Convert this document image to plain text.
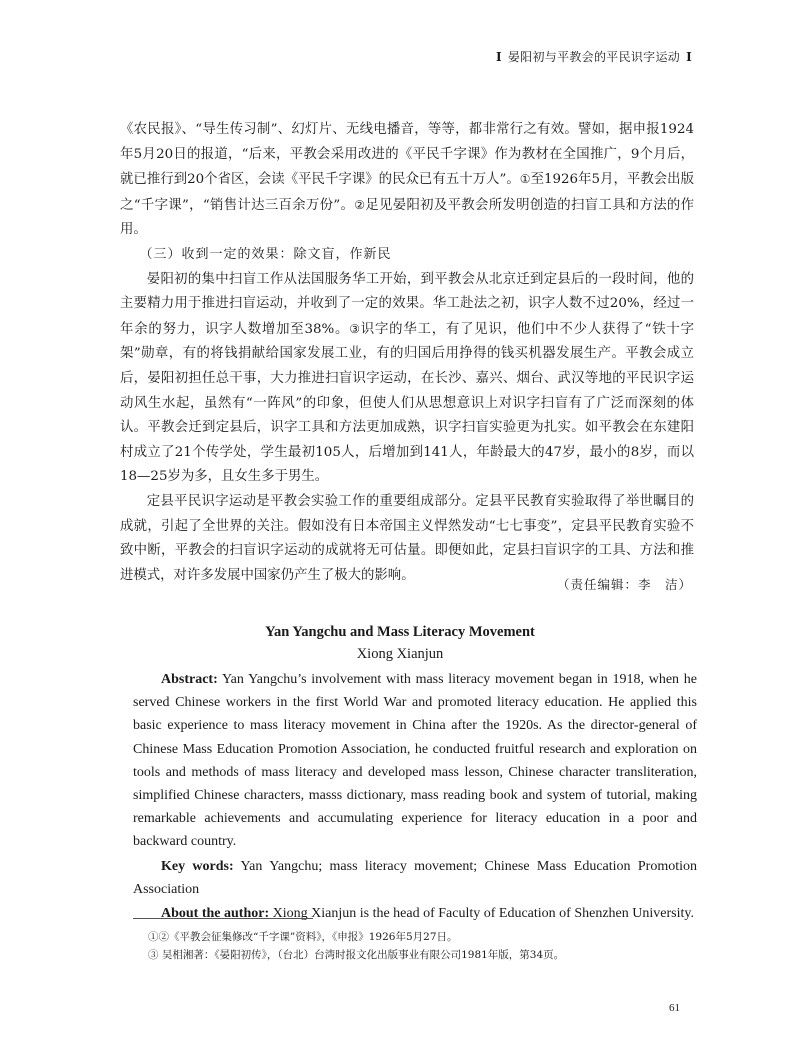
Ⅰ 晏阳初与平教会的平民识字运动 Ⅰ

《农民报》、“导生传习制”、幻灯片、无线电播音，等等，都非常行之有效。譬如，据申报1924年5月20日的报道，“后来，平教会采用改进的《平民千字课》作为教材在全国推广，9个月后，就已推行到20个省区，会读《平民千字课》的民众已有五十万人”。①至1926年5月，平教会出版之“千字课”，“销售计达三百余万份”。②足见晏阳初及平教会所发明创造的扫盲工具和方法的作用。

（三）收到一定的效果：除文盲，作新民

晏阳初的集中扫盲工作从法国服务华工开始，到平教会从北京迁到定县后的一段时间，他的主要精力用于推进扫盲运动，并收到了一定的效果。华工赴法之初，识字人数不过20%，经过一年余的努力，识字人数增加至38%。③识字的华工，有了见识，他们中不少人获得了“铁十字架”勋章，有的将钱捐献给国家发展工业，有的归国后用挣得的钱买机器发展生产。平教会成立后，晏阳初担任总干事，大力推进扫盲识字运动，在长沙、嘉兴、烟台、武汉等地的平民识字运动风生水起，虽然有“一阵风”的印象，但使人们从思想意识上对识字扫盲有了广泛而深刻的体认。平教会迁到定县后，识字工具和方法更加成熟，识字扫盲实验更为扎实。如平教会在东建阳村成立了21个传学处，学生最初105人，后增加到141人，年龄最大的47岁，最小的8岁，而以18—25岁为多，且女生多于男生。

定县平民识字运动是平教会实验工作的重要组成部分。定县平民教育实验取得了举世瞩目的成就，引起了全世界的关注。假如没有日本帝国主义悍然发动“七七事变”，定县平民教育实验不致中断，平教会的扫盲识字运动的成就将无可估量。即便如此，定县扫盲识字的工具、方法和推进模式，对许多发展中国家仍产生了极大的影响。

（责任编辑：李　洁）
Yan Yangchu and Mass Literacy Movement
Xiong Xianjun

Abstract: Yan Yangchu’s involvement with mass literacy movement began in 1918, when he served Chinese workers in the first World War and promoted literacy education. He applied this basic experience to mass literacy movement in China after the 1920s. As the director-general of Chinese Mass Education Promotion Association, he conducted fruitful research and exploration on tools and methods of mass literacy and developed mass lesson, Chinese character transliteration, simplified Chinese characters, masss dictionary, mass reading book and system of tutorial, making remarkable achievements and accumulating experience for literacy education in a poor and backward country.

Key words: Yan Yangchu; mass literacy movement; Chinese Mass Education Promotion Association

About the author: Xiong Xianjun is the head of Faculty of Education of Shenzhen University.

①②《平教会征集修改“千字课”资料》，《申报》1926年5月27日。
③ 吴相湘著：《晏阳初传》，（台北）台湾时报文化出版事业有限公司1981年版，第34页。
61
